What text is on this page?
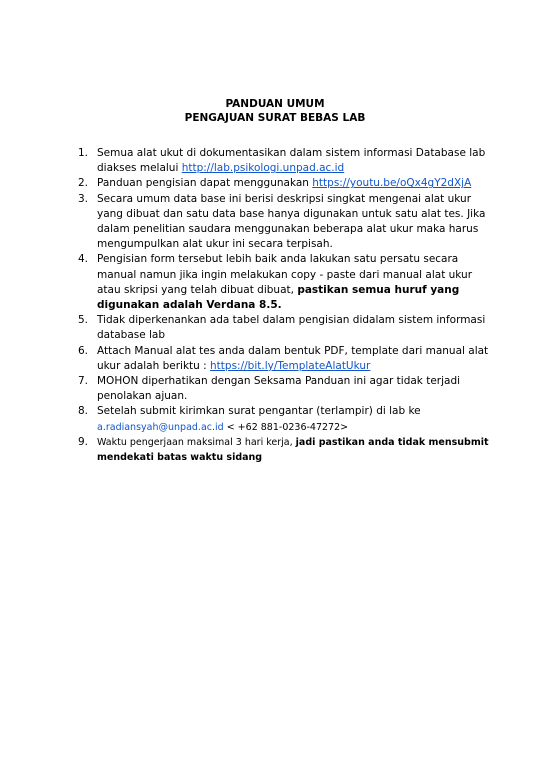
PANDUAN UMUM
PENGAJUAN SURAT BEBAS LAB
1. Semua alat ukut di dokumentasikan dalam sistem informasi Database lab diakses melalui http://lab.psikologi.unpad.ac.id
2. Panduan pengisian dapat menggunakan https://youtu.be/oQx4gY2dXjA
3. Secara umum data base ini berisi deskripsi singkat mengenai alat ukur yang dibuat dan satu data base hanya digunakan untuk satu alat tes. Jika dalam penelitian saudara menggunakan beberapa alat ukur maka harus mengumpulkan alat ukur ini secara terpisah.
4. Pengisian form tersebut lebih baik anda lakukan satu persatu secara manual namun jika ingin melakukan copy - paste dari manual alat ukur atau skripsi yang telah dibuat dibuat, pastikan semua huruf yang digunakan adalah Verdana 8.5.
5. Tidak diperkenankan ada tabel dalam pengisian didalam sistem informasi database lab
6. Attach Manual alat tes anda dalam bentuk PDF, template dari manual alat ukur adalah beriktu : https://bit.ly/TemplateAlatUkur
7. MOHON diperhatikan dengan Seksama Panduan ini agar tidak terjadi penolakan ajuan.
8. Setelah submit kirimkan surat pengantar (terlampir) di lab ke
a.radiansyah@unpad.ac.id < +62 881-0236-47272>
9. Waktu pengerjaan maksimal 3 hari kerja, jadi pastikan anda tidak mensubmit mendekati batas waktu sidang
